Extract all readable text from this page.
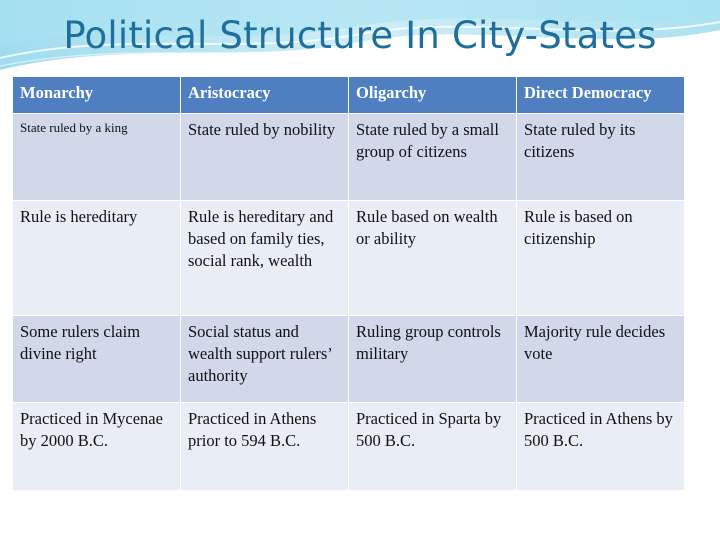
Political Structure In City-States
Monarchy	Aristocracy	Oligarchy	Direct Democracy
State ruled by a king	State ruled by nobility	State ruled by a small group of citizens	State ruled by its citizens
Rule is hereditary	Rule is hereditary and based on family ties, social rank, wealth	Rule based on wealth or ability	Rule is based on citizenship
Some rulers claim divine right	Social status and wealth support rulers’ authority	Ruling group controls military	Majority rule decides vote
Practiced in Mycenae by 2000 B.C.	Practiced in Athens prior to 594 B.C.	Practiced in Sparta by 500 B.C.	Practiced in Athens by 500 B.C.
